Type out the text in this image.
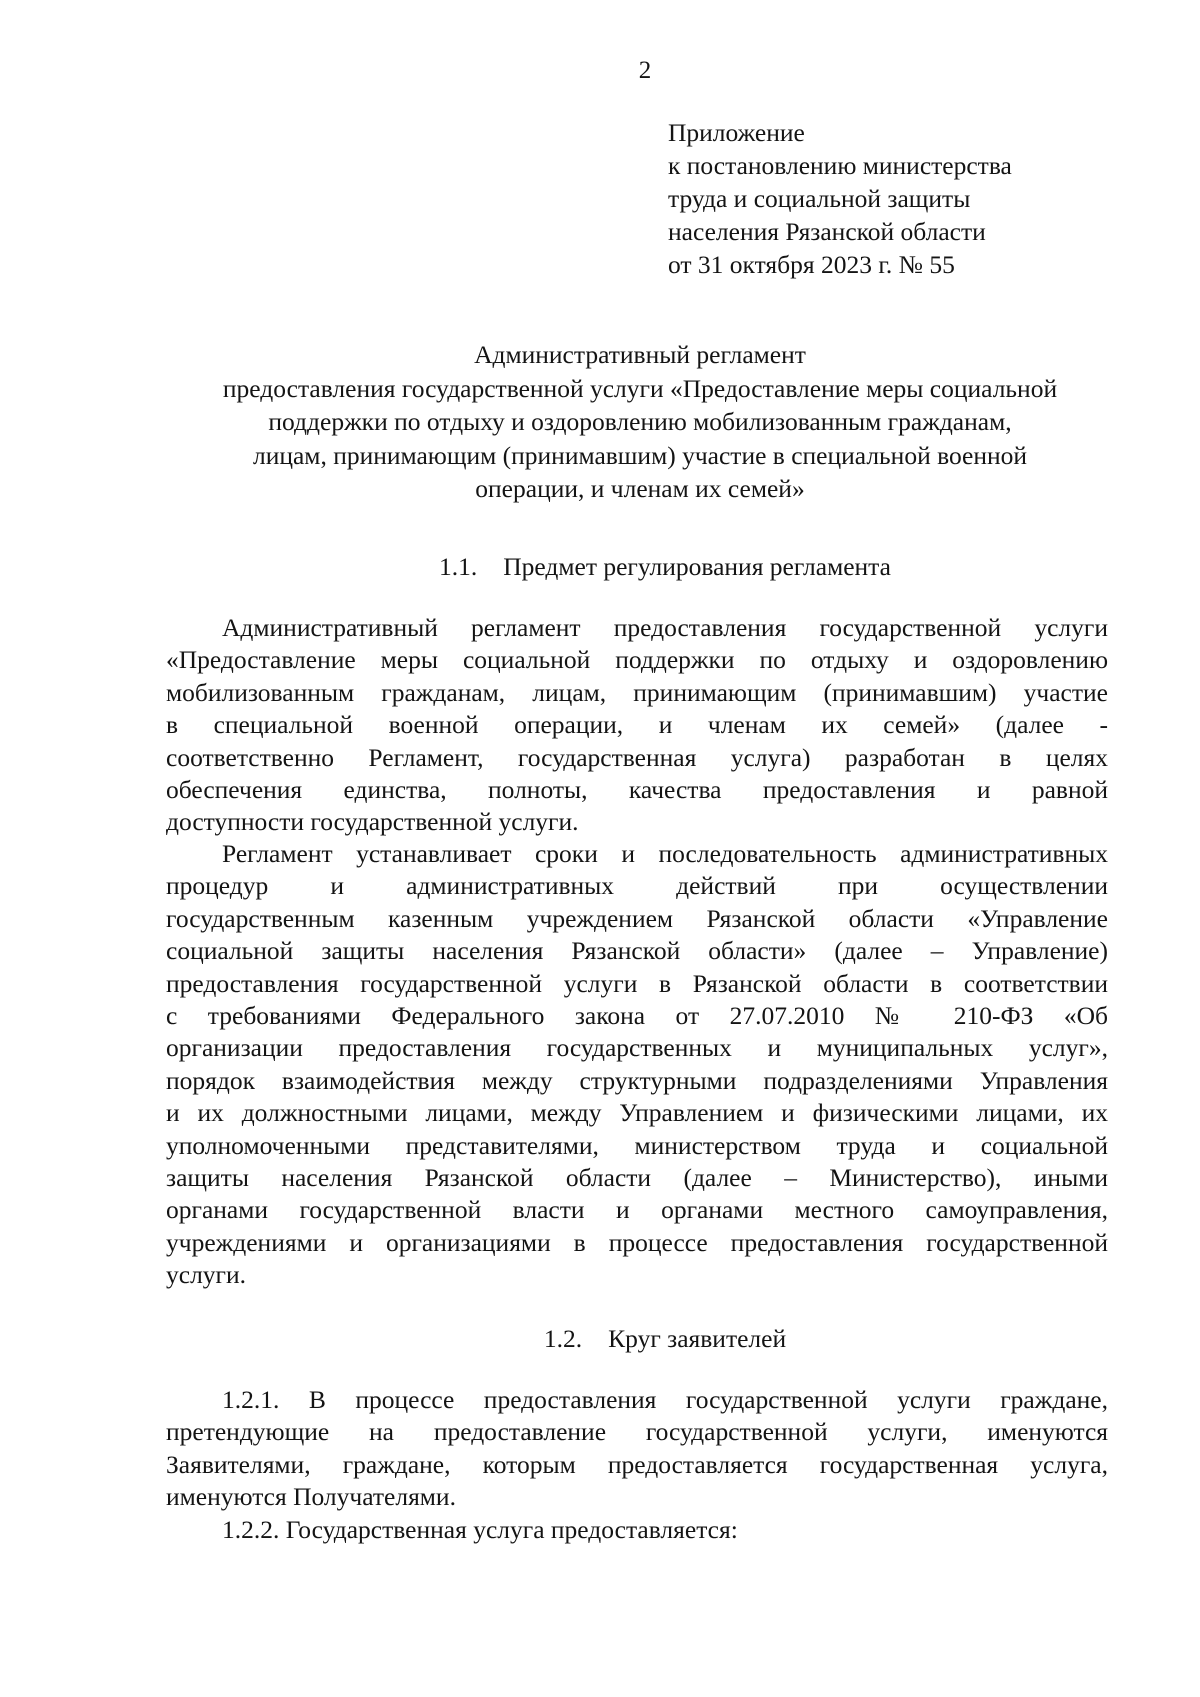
2
Приложение
к постановлению министерства
труда и социальной защиты
населения Рязанской области
от 31 октября 2023 г. № 55
Административный регламент
предоставления государственной услуги «Предоставление меры социальной
поддержки по отдыху и оздоровлению мобилизованным гражданам,
лицам, принимающим (принимавшим) участие в специальной военной
операции, и членам их семей»
1.1. Предмет регулирования регламента
Административный регламент предоставления государственной услуги
«Предоставление меры социальной поддержки по отдыху и оздоровлению
мобилизованным гражданам, лицам, принимающим (принимавшим) участие
в специальной военной операции, и членам их семей» (далее -
соответственно Регламент, государственная услуга) разработан в целях
обеспечения единства, полноты, качества предоставления и равной
доступности государственной услуги.
Регламент устанавливает сроки и последовательность административных
процедур и административных действий при осуществлении
государственным казенным учреждением Рязанской области «Управление
социальной защиты населения Рязанской области» (далее – Управление)
предоставления государственной услуги в Рязанской области в соответствии
с требованиями Федерального закона от 27.07.2010 № 210-ФЗ «Об
организации предоставления государственных и муниципальных услуг»,
порядок взаимодействия между структурными подразделениями Управления
и их должностными лицами, между Управлением и физическими лицами, их
уполномоченными представителями, министерством труда и социальной
защиты населения Рязанской области (далее – Министерство), иными
органами государственной власти и органами местного самоуправления,
учреждениями и организациями в процессе предоставления государственной
услуги.
1.2. Круг заявителей
1.2.1. В процессе предоставления государственной услуги граждане,
претендующие на предоставление государственной услуги, именуются
Заявителями, граждане, которым предоставляется государственная услуга,
именуются Получателями.
1.2.2. Государственная услуга предоставляется:
